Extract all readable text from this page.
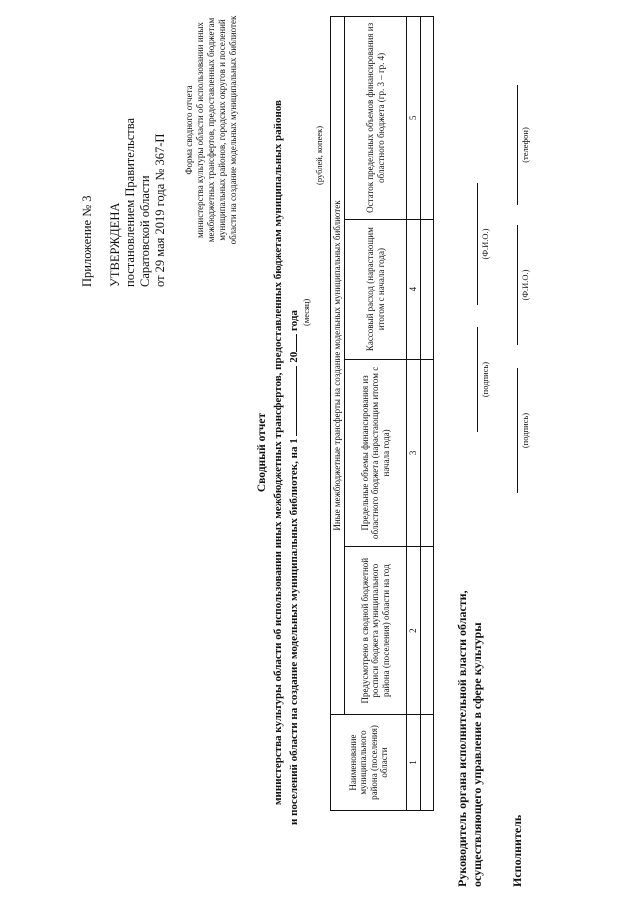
Приложение № 3 УТВЕРЖДЕНА постановлением Правительства Саратовской области от 29 мая 2019 года № 367-П
Форма сводного отчета министерства культуры области об использовании иных межбюджетных трансфертов, предоставленных бюджетам муниципальных районов, городских округов и поселений области на создание модельных муниципальных библиотек
Сводный отчет министерства культуры области об использовании иных межбюджетных трансфертов, предоставленных бюджетам муниципальных районов и поселений области на создание модельных муниципальных библиотек, на 1  20 года (месяц)
(рублей, копеек)
Наименование муниципального района (поселения) области	Иные межбюджетные трансферты на создание модельных муниципальных библиотек			
	Предусмотрено в сводной бюджетной росписи бюджета муниципального района (поселения) области на год	Предельные объемы финансирования из областного бюджета (нарастающим итогом с начала года)	Кассовый расход (нарастающим итогом с начала года)	Остаток предельных объемов финансирования из областного бюджета (гр. 3 – гр. 4)
1	2	3	4	5

Руководитель органа исполнительной власти области, осуществляющего управление в сфере культуры
(подпись)
(Ф.И.О.)
Исполнитель
(подпись)
(Ф.И.О.)
(телефон)
